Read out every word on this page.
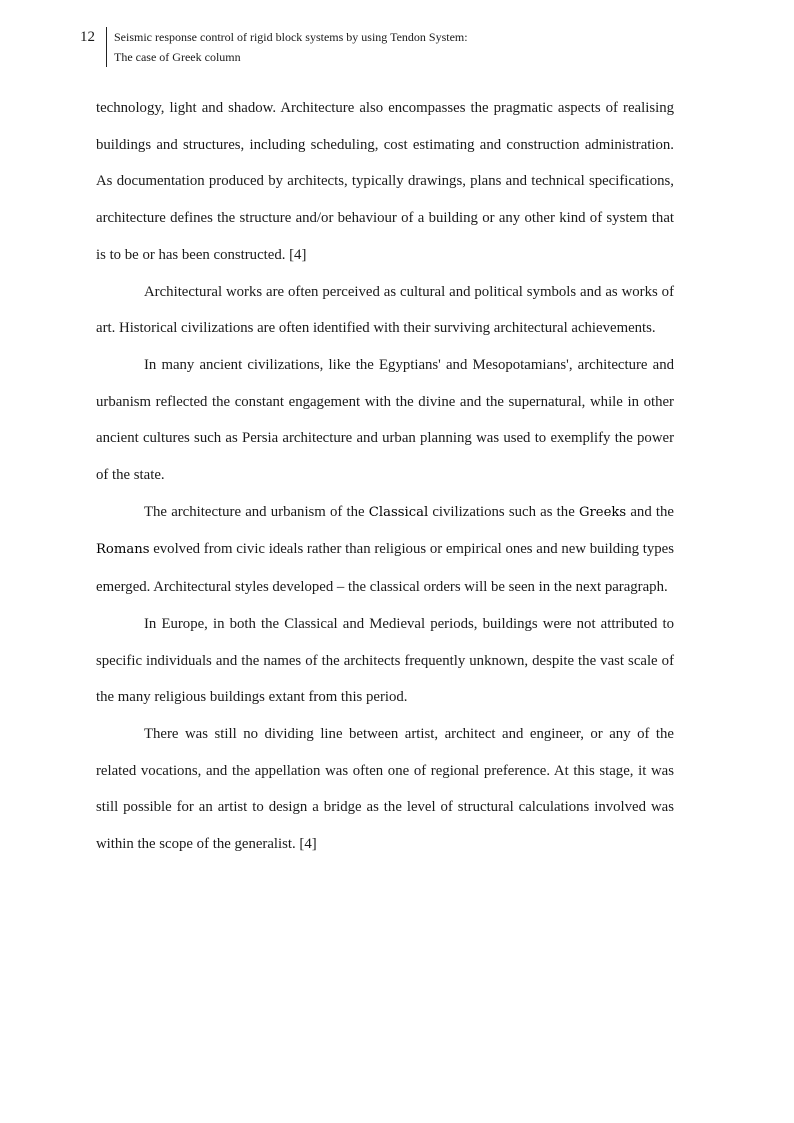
12	Seismic response control of rigid block systems by using Tendon System:
The case of Greek column

technology, light and shadow. Architecture also encompasses the pragmatic aspects of realising buildings and structures, including scheduling, cost estimating and construction administration. As documentation produced by architects, typically drawings, plans and technical specifications, architecture defines the structure and/or behaviour of a building or any other kind of system that is to be or has been constructed. [4]

Architectural works are often perceived as cultural and political symbols and as works of art. Historical civilizations are often identified with their surviving architectural achievements.

In many ancient civilizations, like the Egyptians' and Mesopotamians', architecture and urbanism reflected the constant engagement with the divine and the supernatural, while in other ancient cultures such as Persia architecture and urban planning was used to exemplify the power of the state.

The architecture and urbanism of the Classical civilizations such as the Greeks and the Romans evolved from civic ideals rather than religious or empirical ones and new building types emerged. Architectural styles developed – the classical orders will be seen in the next paragraph.

In Europe, in both the Classical and Medieval periods, buildings were not attributed to specific individuals and the names of the architects frequently unknown, despite the vast scale of the many religious buildings extant from this period.

There was still no dividing line between artist, architect and engineer, or any of the related vocations, and the appellation was often one of regional preference. At this stage, it was still possible for an artist to design a bridge as the level of structural calculations involved was within the scope of the generalist. [4]
